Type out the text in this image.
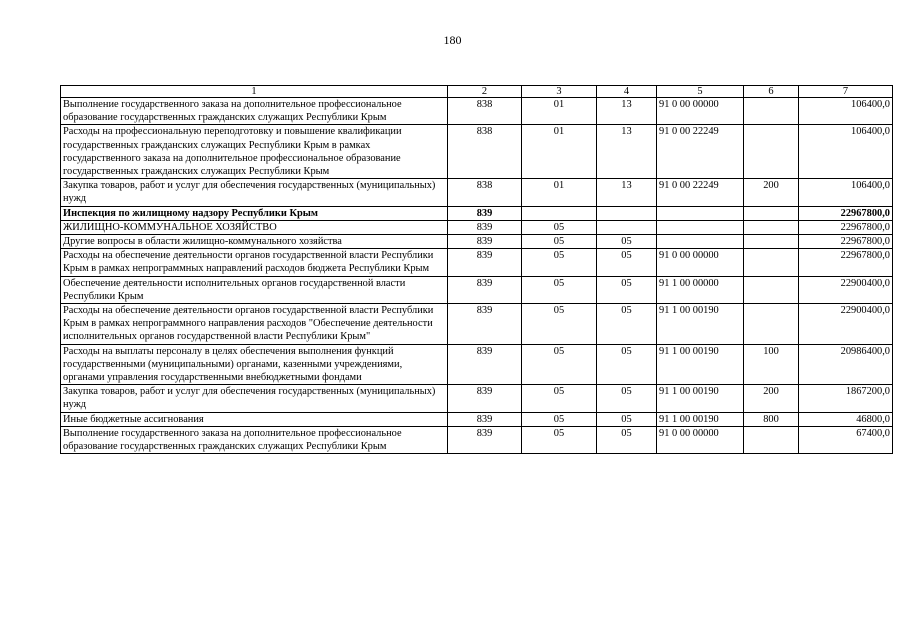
180
1	2	3	4	5	6	7
Выполнение государственного заказа на дополнительное профессиональное образование государственных гражданских служащих Республики Крым	838	01	13	91 0 00 00000		106400,0
Расходы на профессиональную переподготовку и повышение квалификации государственных гражданских служащих Республики Крым в рамках государственного заказа на дополнительное профессиональное образование государственных гражданских служащих Республики Крым	838	01	13	91 0 00 22249		106400,0
Закупка товаров, работ и услуг для обеспечения государственных (муниципальных) нужд	838	01	13	91 0 00 22249	200	106400,0
Инспекция по жилищному надзору Республики Крым	839					22967800,0
ЖИЛИЩНО-КОММУНАЛЬНОЕ ХОЗЯЙСТВО	839	05				22967800,0
Другие вопросы в области жилищно-коммунального хозяйства	839	05	05			22967800,0
Расходы на обеспечение деятельности органов государственной власти Республики Крым в рамках непрограммных направлений расходов бюджета Республики Крым	839	05	05	91 0 00 00000		22967800,0
Обеспечение деятельности исполнительных органов государственной власти Республики Крым	839	05	05	91 1 00 00000		22900400,0
Расходы на обеспечение деятельности органов государственной власти Республики Крым в рамках непрограммного направления расходов "Обеспечение деятельности исполнительных органов государственной власти Республики Крым"	839	05	05	91 1 00 00190		22900400,0
Расходы на выплаты персоналу в целях обеспечения выполнения функций государственными (муниципальными) органами, казенными учреждениями, органами управления государственными внебюджетными фондами	839	05	05	91 1 00 00190	100	20986400,0
Закупка товаров, работ и услуг для обеспечения государственных (муниципальных) нужд	839	05	05	91 1 00 00190	200	1867200,0
Иные бюджетные ассигнования	839	05	05	91 1 00 00190	800	46800,0
Выполнение государственного заказа на дополнительное профессиональное образование государственных гражданских служащих Республики Крым	839	05	05	91 0 00 00000		67400,0
